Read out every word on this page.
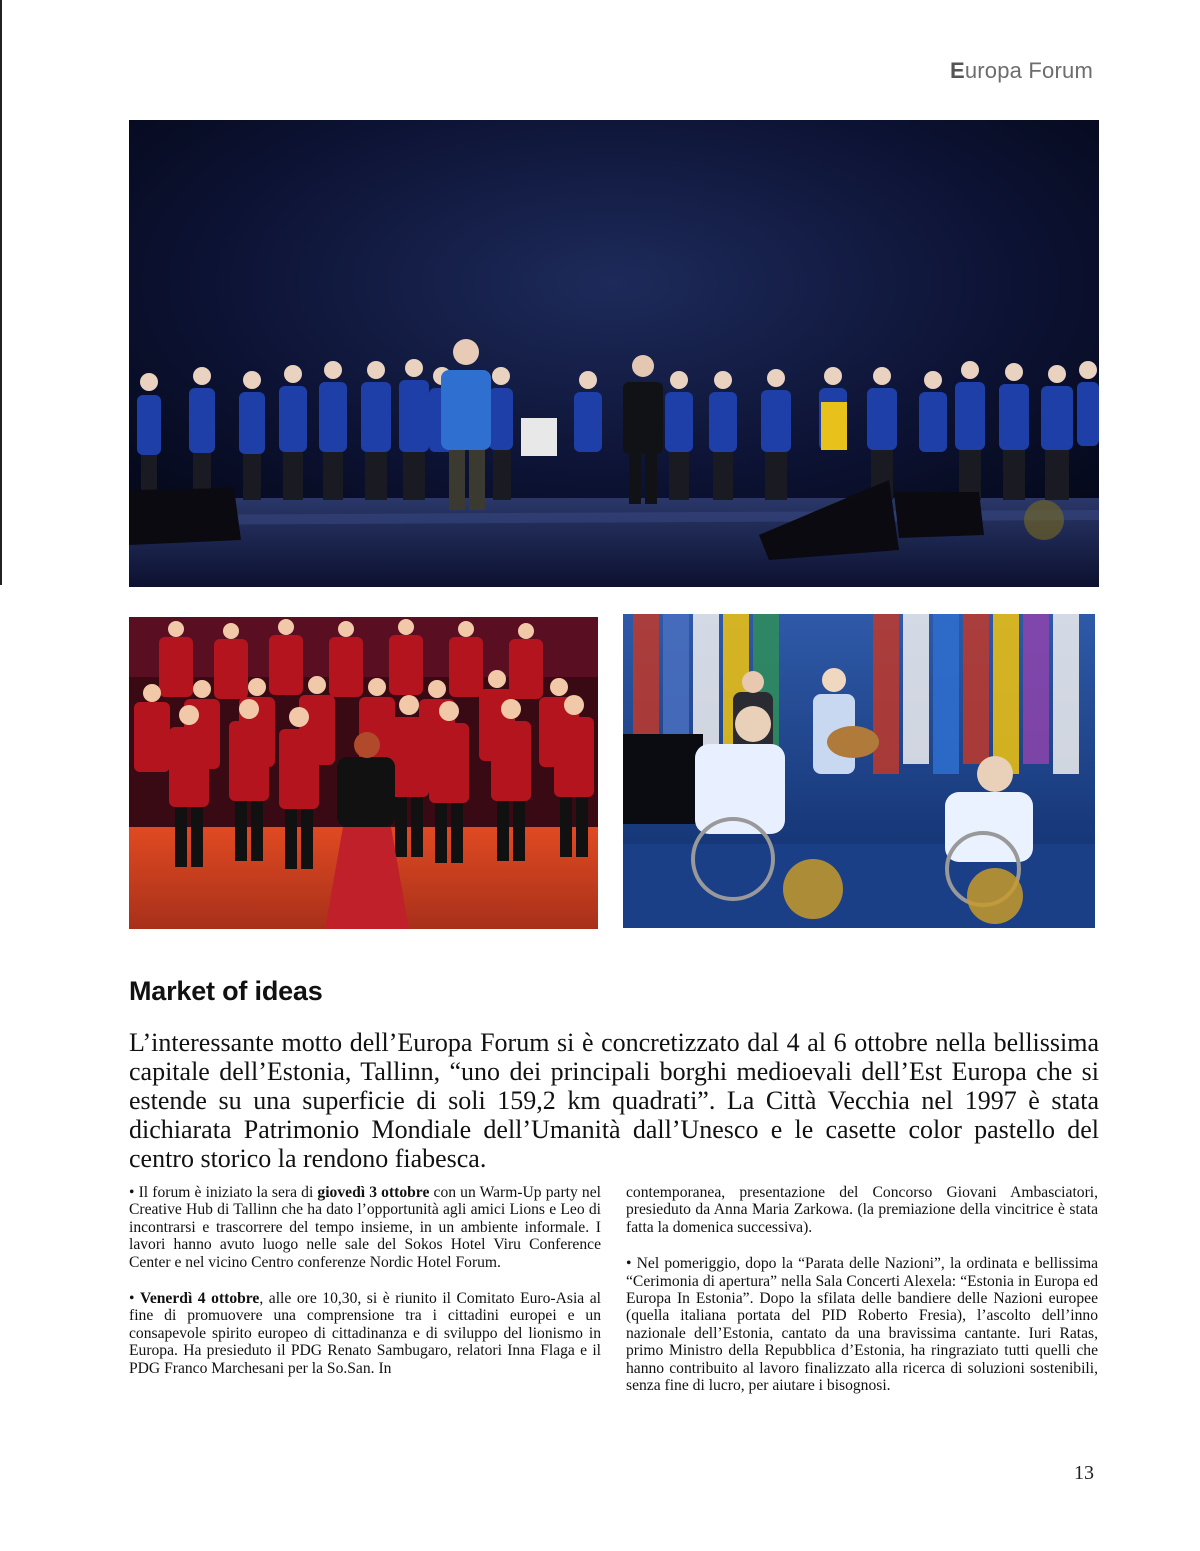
Europa Forum
Market of ideas

L’interessante motto dell’Europa Forum si è concretizzato dal 4 al 6 ottobre nella bellissima capitale dell’Estonia, Tallinn, “uno dei principali borghi medioevali dell’Est Europa che si estende su una superficie di soli 159,2 km quadrati”. La Città Vecchia nel 1997 è stata dichiarata Patrimonio Mondiale dell’Umanità dall’Unesco e le casette color pastello del centro storico la rendono fiabesca.

• Il forum è iniziato la sera di giovedì 3 ottobre con un Warm-Up party nel Creative Hub di Tallinn che ha dato l’opportunità agli amici Lions e Leo di incontrarsi e trascorrere del tempo insieme, in un ambiente informale. I lavori hanno avuto luogo nelle sale del Sokos Hotel Viru Conference Center e nel vicino Centro conferenze Nordic Hotel Forum.

• Venerdì 4 ottobre, alle ore 10,30, si è riunito il Comitato Euro-Asia al fine di promuovere una comprensione tra i cittadini europei e un consapevole spirito europeo di cittadinanza e di sviluppo del lionismo in Europa. Ha presieduto il PDG Renato Sambugaro, relatori Inna Flaga e il PDG Franco Marchesani per la So.San. In

contemporanea, presentazione del Concorso Giovani Ambasciatori, presieduto da Anna Maria Zarkowa. (la premiazione della vincitrice è stata fatta la domenica successiva).

• Nel pomeriggio, dopo la “Parata delle Nazioni”, la ordinata e bellissima “Cerimonia di apertura” nella Sala Concerti Alexela: “Estonia in Europa ed Europa In Estonia”. Dopo la sfilata delle bandiere delle Nazioni europee (quella italiana portata del PID Roberto Fresia), l’ascolto dell’inno nazionale dell’Estonia, cantato da una bravissima cantante. Iuri Ratas, primo Ministro della Repubblica d’Estonia, ha ringraziato tutti quelli che hanno contribuito al lavoro finalizzato alla ricerca di soluzioni sostenibili, senza fine di lucro, per aiutare i bisognosi.

13
